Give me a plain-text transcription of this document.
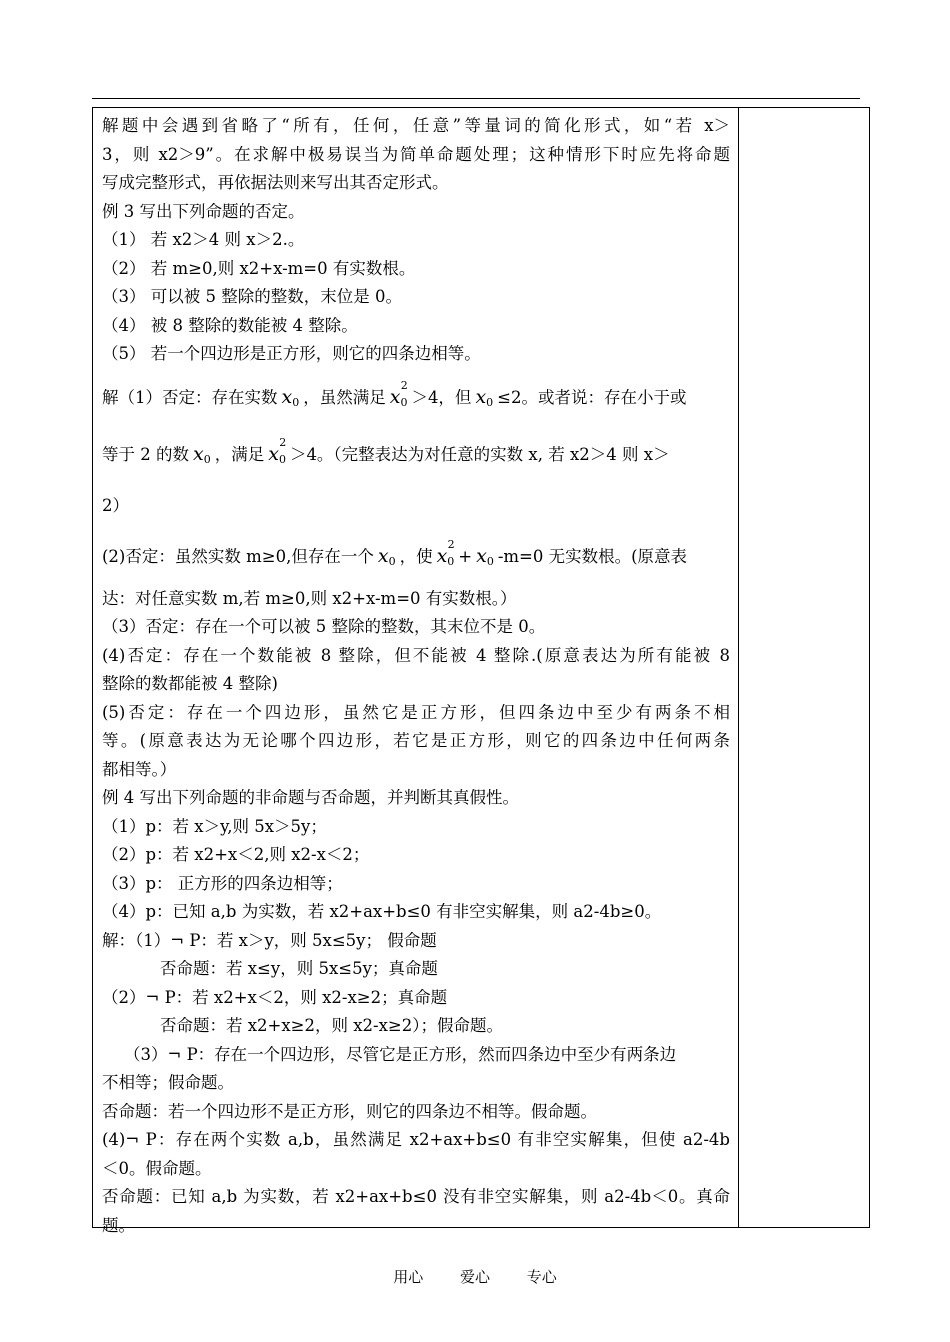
解题中会遇到省略了“所有，任何，任意”等量词的简化形式，如“若 x＞
3，则 x2＞9”。在求解中极易误当为简单命题处理；这种情形下时应先将命题
写成完整形式，再依据法则来写出其否定形式。
例 3 写出下列命题的否定。
（1） 若 x2＞4 则 x＞2.。
（2） 若 m≥0,则 x2+x-m=0 有实数根。
（3） 可以被 5 整除的整数，末位是 0。
（4） 被 8 整除的数能被 4 整除。
（5） 若一个四边形是正方形，则它的四条边相等。
解（1）否定：存在实数 x0 ，虽然满足 x0
2
＞4，但 x0 ≤2。或者说：存在小于或
等于 2 的数 x0 ，满足 x0
2
＞4。（完整表达为对任意的实数 x, 若 x2＞4 则 x＞
2）
(2)否定：虽然实数 m≥0,但存在一个 x0 ，使 x0
2
+ x0 -m=0 无实数根。(原意表
达：对任意实数 m,若 m≥0,则 x2+x-m=0 有实数根。）
（3）否定：存在一个可以被 5 整除的整数，其末位不是 0。
(4)否定：存在一个数能被 8 整除，但不能被 4 整除.(原意表达为所有能被 8
整除的数都能被 4 整除)
(5)否定：存在一个四边形，虽然它是正方形，但四条边中至少有两条不相
等。(原意表达为无论哪个四边形，若它是正方形，则它的四条边中任何两条
都相等。）
例 4 写出下列命题的非命题与否命题，并判断其真假性。
（1）p：若 x＞y,则 5x＞5y；
（2）p：若 x2+x＜2,则 x2-x＜2；
（3）p： 正方形的四条边相等；
（4）p：已知 a,b 为实数，若 x2+ax+b≤0 有非空实解集，则 a2-4b≥0。
解：（1）¬ P：若 x＞y，则 5x≤5y； 假命题
否命题：若 x≤y，则 5x≤5y；真命题
（2）¬ P：若 x2+x＜2，则 x2-x≥2；真命题
否命题：若 x2+x≥2，则 x2-x≥2）；假命题。
（3）¬ P：存在一个四边形，尽管它是正方形，然而四条边中至少有两条边
不相等；假命题。
否命题：若一个四边形不是正方形，则它的四条边不相等。假命题。
(4)¬ P：存在两个实数 a,b，虽然满足 x2+ax+b≤0 有非空实解集，但使 a2-4b
＜0。假命题。
否命题：已知 a,b 为实数，若 x2+ax+b≤0 没有非空实解集，则 a2-4b＜0。真命
题。
用心 爱心 专心
